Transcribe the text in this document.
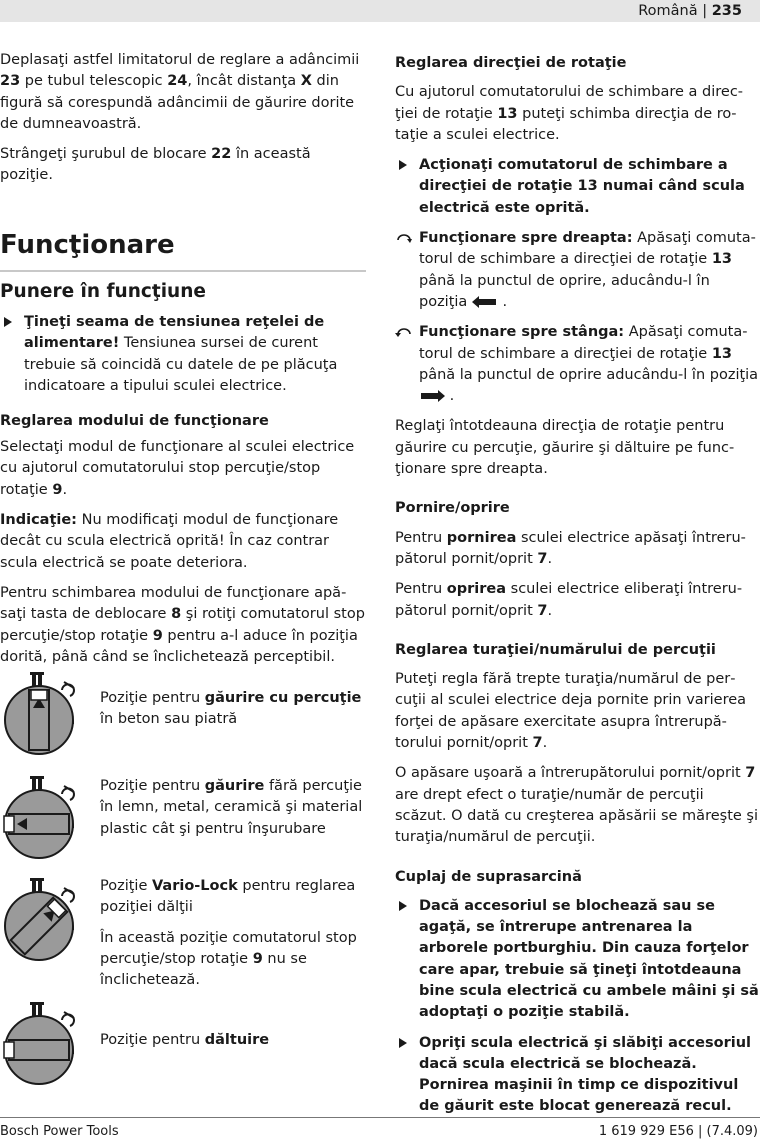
Română | 235

Deplasaţi astfel limitatorul de reglare a adâncimii 23 pe tubul telescopic 24, încât distanţa X din figură să corespundă adâncimii de găurire dorite de dumneavoastră.

Strângeţi şurubul de blocare 22 în această poziţie.

Funcţionare
Punere în funcţiune
Ţineţi seama de tensiunea reţelei de alimentare! Tensiunea sursei de curent trebuie să coincidă cu datele de pe plăcuţa indicatoare a tipului sculei electrice.
Reglarea modului de funcţionare

Selectaţi modul de funcţionare al sculei electrice cu ajutorul comutatorului stop percuţie/stop rotaţie 9.

Indicaţie: Nu modificaţi modul de funcţionare decât cu scula electrică oprită! În caz contrar scula electrică se poate deteriora.

Pentru schimbarea modului de funcţionare apăsaţi tasta de deblocare 8 şi rotiţi comutatorul stop percuţie/stop rotaţie 9 pentru a-l aduce în poziţia dorită, până când se înclichetează perceptibil.

Poziţie pentru găurire cu percuţie în beton sau piatră
Poziţie pentru găurire fără percuţie în lemn, metal, ceramică şi material plastic cât şi pentru înşurubare
Poziţie Vario-Lock pentru reglarea poziţiei dălţii
În această poziţie comutatorul stop percuţie/stop rotaţie 9 nu se înclichetează.
Poziţie pentru dăltuire
Reglarea direcţiei de rotaţie

Cu ajutorul comutatorului de schimbare a direcţiei de rotaţie 13 puteţi schimba direcţia de rotaţie a sculei electrice.

Acţionaţi comutatorul de schimbare a direcţiei de rotaţie 13 numai când scula electrică este oprită.
Funcţionare spre dreapta: Apăsaţi comutatorul de schimbare a direcţiei de rotaţie 13 până la punctul de oprire, aducându-l în poziţia  .
Funcţionare spre stânga: Apăsaţi comutatorul de schimbare a direcţiei de rotaţie 13 până la punctul de oprire aducându-l în poziţia  .

Reglaţi întotdeauna direcţia de rotaţie pentru găurire cu percuţie, găurire şi dăltuire pe funcţionare spre dreapta.

Pornire/oprire

Pentru pornirea sculei electrice apăsaţi întrerupătorul pornit/oprit 7.

Pentru oprirea sculei electrice eliberaţi întrerupătorul pornit/oprit 7.

Reglarea turaţiei/numărului de percuţii

Puteţi regla fără trepte turaţia/numărul de percuţii al sculei electrice deja pornite prin varierea forţei de apăsare exercitate asupra întrerupătorului pornit/oprit 7.

O apăsare uşoară a întrerupătorului pornit/oprit 7 are drept efect o turaţie/număr de percuţii scăzut. O dată cu creşterea apăsării se măreşte şi turaţia/numărul de percuţii.

Cuplaj de suprasarcină
Dacă accesoriul se blochează sau se agaţă, se întrerupe antrenarea la arborele portburghiu. Din cauza forţelor care apar, trebuie să ţineţi întotdeauna bine scula electrică cu ambele mâini şi să adoptaţi o poziţie stabilă.
Opriţi scula electrică şi slăbiţi accesoriul dacă scula electrică se blochează. Pornirea maşinii în timp ce dispozitivul de găurit este blocat generează recul.
Bosch Power Tools	1 619 929 E56 | (7.4.09)
